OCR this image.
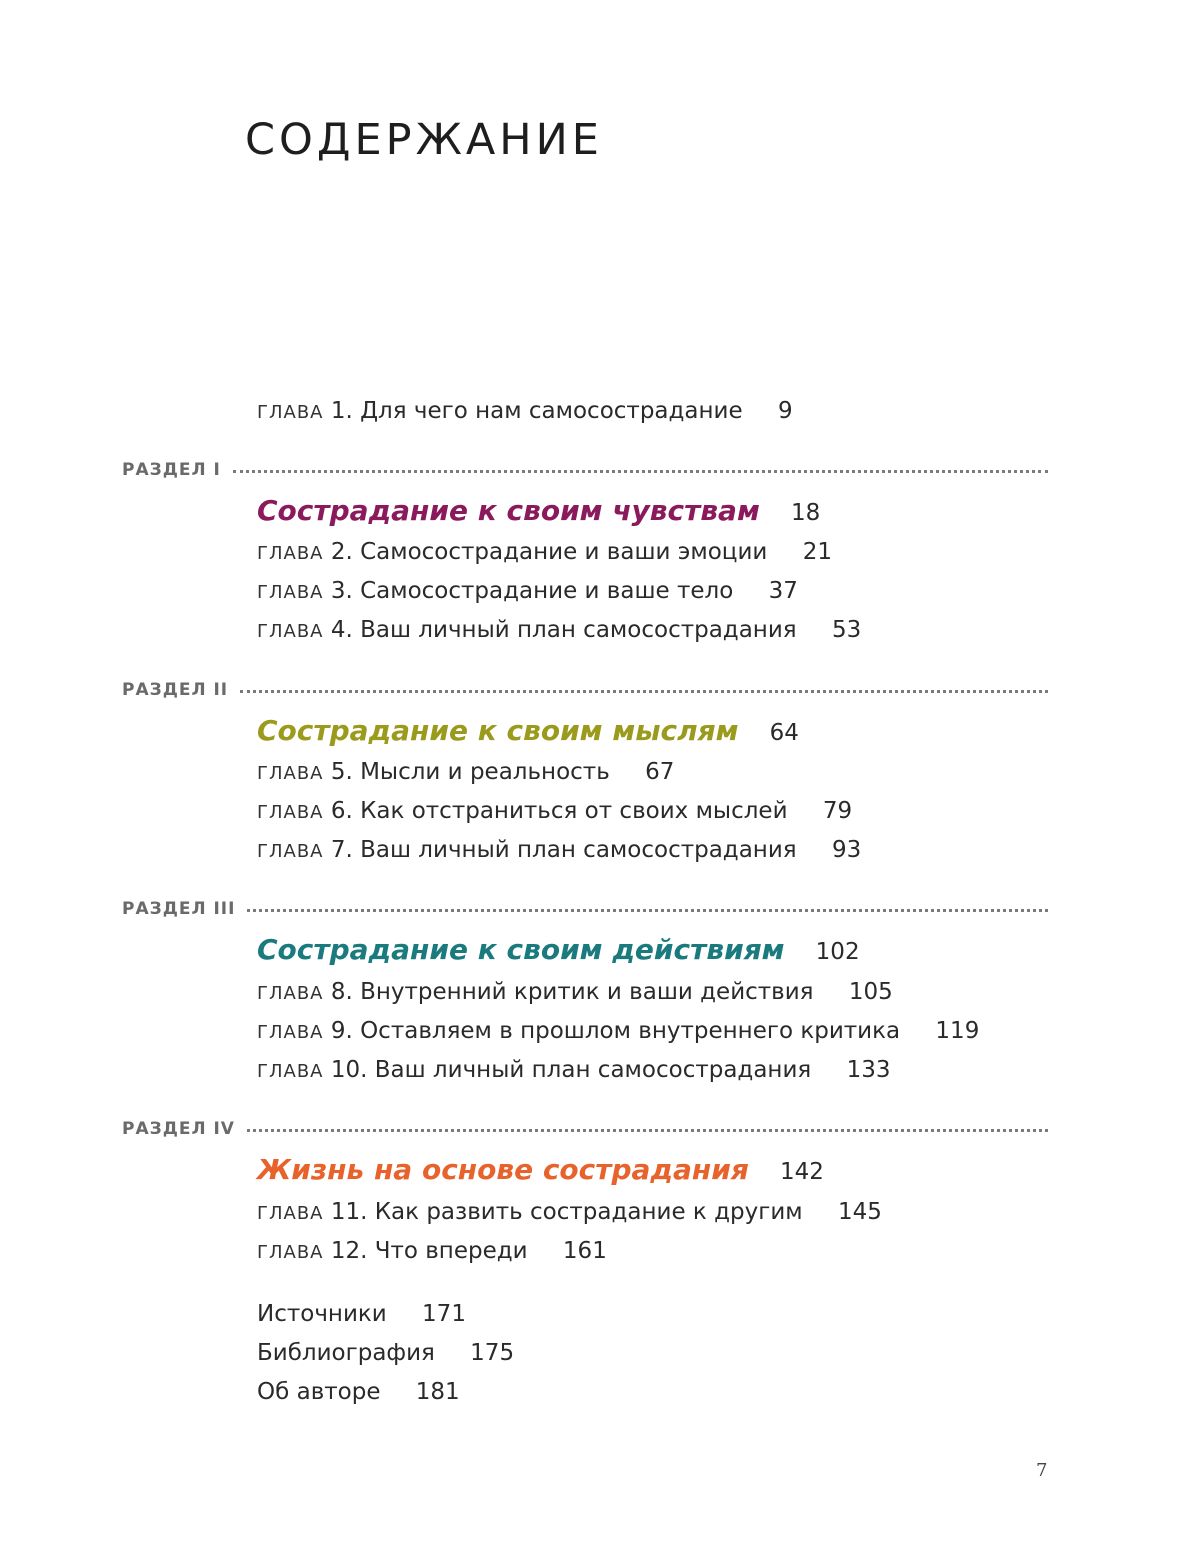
СОДЕРЖАНИЕ
ГЛАВА 1. Для чего нам самосострадание 9
РАЗДЕЛ I
Сострадание к своим чувствам 18
ГЛАВА 2. Самосострадание и ваши эмоции 21
ГЛАВА 3. Самосострадание и ваше тело 37
ГЛАВА 4. Ваш личный план самосострадания 53
РАЗДЕЛ II
Сострадание к своим мыслям 64
ГЛАВА 5. Мысли и реальность 67
ГЛАВА 6. Как отстраниться от своих мыслей 79
ГЛАВА 7. Ваш личный план самосострадания 93
РАЗДЕЛ III
Сострадание к своим действиям 102
ГЛАВА 8. Внутренний критик и ваши действия 105
ГЛАВА 9. Оставляем в прошлом внутреннего критика 119
ГЛАВА 10. Ваш личный план самосострадания 133
РАЗДЕЛ IV
Жизнь на основе сострадания 142
ГЛАВА 11. Как развить сострадание к другим 145
ГЛАВА 12. Что впереди 161
Источники 171
Библиография 175
Об авторе 181
7
